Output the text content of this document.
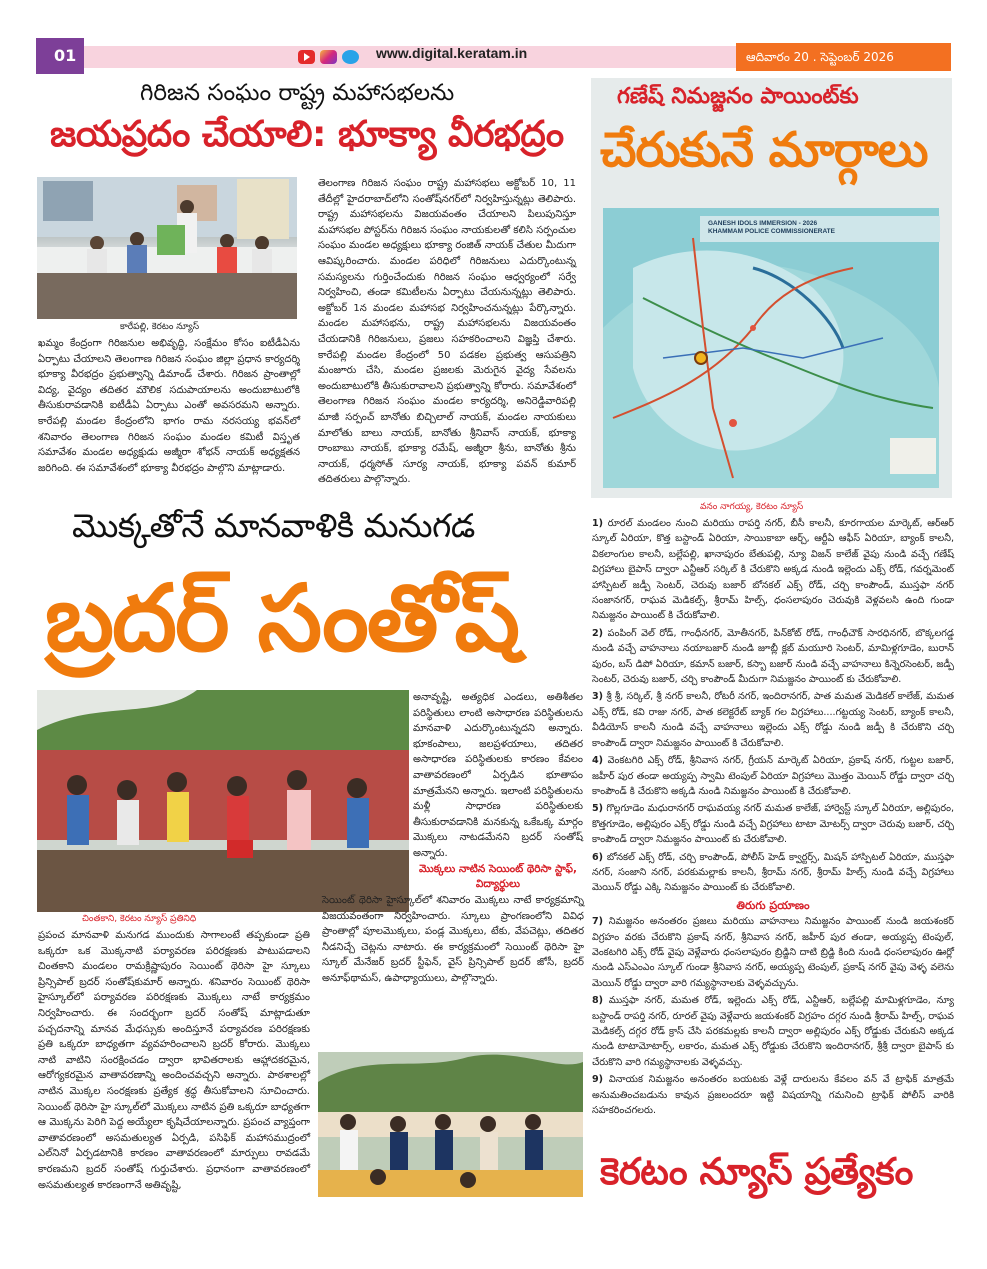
01	www.digital.keratam.in	ఆదివారం 20 . సెప్టెంబర్ 2026
గిరిజన సంఘం రాష్ట్ర మహాసభలను
జయప్రదం చేయాలి: భూక్యా వీరభద్రం
కారేపల్లి, కెరటం న్యూస్
ఖమ్మం కేంద్రంగా గిరిజనుల అభివృద్ధి, సంక్షేమం కోసం ఐటీడీఏను ఏర్పాటు చేయాలని తెలంగాణ గిరిజన సంఘం జిల్లా ప్రధాన కార్యదర్శి భూక్యా వీరభద్రం ప్రభుత్వాన్ని డిమాండ్ చేశారు. గిరిజన ప్రాంతాల్లో విద్య, వైద్యం తదితర మౌలిక సదుపాయాలను అందుబాటులోకి తీసుకురావడానికి ఐటీడీఏ ఏర్పాటు ఎంతో అవసరమని అన్నారు. కారేపల్లి మండల కేంద్రంలోని భాగం రామ నరసయ్య భవన్‌లో శనివారం తెలంగాణ గిరిజన సంఘం మండల కమిటీ విస్తృత సమావేశం మండల అధ్యక్షుడు అజ్మీరా శోభన్ నాయక్ అధ్యక్షతన జరిగింది. ఈ సమావేశంలో భూక్యా వీరభద్రం పాల్గొని మాట్లాడారు.
తెలంగాణ గిరిజన సంఘం రాష్ట్ర మహాసభలు అక్టోబర్ 10, 11 తేదీల్లో హైదరాబాద్‌లోని సంతోష్‌నగర్‌లో నిర్వహిస్తున్నట్లు తెలిపారు. రాష్ట్ర మహాసభలను విజయవంతం చేయాలని పిలుపునిస్తూ మహాసభల పోస్టర్‌ను గిరిజన సంఘం నాయకులతో కలిసి సర్పంచుల సంఘం మండల అధ్యక్షులు భూక్యా రంజిత్ నాయక్ చేతుల మీదుగా ఆవిష్కరించారు. మండల పరిధిలో గిరిజనులు ఎదుర్కొంటున్న సమస్యలను గుర్తించేందుకు గిరిజన సంఘం ఆధ్వర్యంలో సర్వే నిర్వహించి, తండా కమిటీలను ఏర్పాటు చేయనున్నట్లు తెలిపారు. అక్టోబర్ 1న మండల మహాసభ నిర్వహించనున్నట్లు పేర్కొన్నారు. మండల మహాసభను, రాష్ట్ర మహాసభలను విజయవంతం చేయడానికి గిరిజనులు, ప్రజలు సహకరించాలని విజ్ఞప్తి చేశారు. కారేపల్లి మండల కేంద్రంలో 50 పడకల ప్రభుత్వ ఆసుపత్రిని మంజూరు చేసి, మండల ప్రజలకు మెరుగైన వైద్య సేవలను అందుబాటులోకి తీసుకురావాలని ప్రభుత్వాన్ని కోరారు. సమావేశంలో తెలంగాణ గిరిజన సంఘం మండల కార్యదర్శి, అనిరెడ్డివారిపల్లి మాజీ సర్పంచ్ బానోతు బిచ్చిలాల్ నాయక్, మండల నాయకులు మాలోతు బాలు నాయక్, బానోతు శ్రీనివాస్ నాయక్, భూక్యా రాంబాబు నాయక్, భూక్యా రమేష్, అజ్మీరా శ్రీను, బానోతు శ్రీను నాయక్, ధర్మసోత్ సూర్య నాయక్, భూక్యా పవన్ కుమార్ తదితరులు పాల్గొన్నారు.
గణేష్ నిమజ్జనం పాయింట్‌కు
చేరుకునే మార్గాలు
GANESH IDOLS IMMERSION - 2026
KHAMMAM POLICE COMMISSIONERATE
వనం నాగయ్య, కెరటం న్యూస్

1) రూరల్ మండలం నుంచి మరియు రాపర్తి నగర్, బీసీ కాలనీ, కూరగాయల మార్కెట్, ఆర్ఆర్ స్కూల్ ఏరియా, కొత్త బస్టాండ్ ఏరియా, సాయికాబా ఆర్చ్, ఆర్టీఏ ఆఫీస్ ఏరియా, బ్యాంక్ కాలనీ, వికలాంగుల కాలనీ, బల్లేపల్లి, ఖానాపురం బేతుపల్లి, న్యూ విజన్ కాలేజ్ వైపు నుండి వచ్చే గణేష్ విగ్రహాలు బైపాస్ ద్వారా ఎన్టీఆర్ సర్కిల్ కి చేరుకొని అక్కడ నుండి ఇల్లెందు ఎక్స్ రోడ్, గవర్నమెంట్ హాస్పిటల్ జడ్పీ సెంటర్, చెరువు బజార్ బోనకల్ ఎక్స్ రోడ్, చర్చి కాంపౌండ్, ముస్తఫా నగర్ సంజానగర్, రాఘవ మెడికల్స్, శ్రీరామ్ హిల్స్, ధంసలాపురం చెరువుకి వెళ్లవలసి ఉంది గుండా నిమజ్జనం పాయింట్ కి చేరుకోవాలి.

2) పంపింగ్ వెల్ రోడ్, గాంధీనగర్, మోతీనగర్, పిన్‌కోట్ రోడ్, గాంధీచౌక్ సారధినగర్, బొక్కలగడ్డ నుండి వచ్చే వాహనాలు నయాబజార్ నుండి జూబ్లీ క్లబ్ మయూరి సెంటర్, మామిళ్లగూడెం, బురాన్ పురం, బస్ డిపో ఏరియా, కమాన్ బజార్, కస్బా బజార్ నుండి వచ్చే వాహనాలు కిన్నెరసెంటర్, జడ్పీ సెంటర్, చెరువు బజార్, చర్చి కాంపౌండ్ మీదుగా నిమజ్జనం పాయింట్ కు చేరుకోవాలి.

3) శ్రీ శ్రీ, సర్కిల్, శ్రీ నగర్ కాలనీ, రోటరీ నగర్, ఇందిరానగర్, పాత మమత మెడికల్ కాలేజ్, మమత ఎక్స్ రోడ్, కవి రాజు నగర్, పాత కలెక్టరేట్ బ్యాక్ గల విగ్రహాలు....గట్టయ్య సెంటర్, బ్యాంక్ కాలనీ, వీడియోస్ కాలనీ నుండి వచ్చే వాహనాలు ఇల్లెందు ఎక్స్ రోడ్డు నుండి జడ్పీ కి చేరుకొని చర్చి కాంపౌండ్ ద్వారా నిమజ్జనం పాయింట్ కి చేరుకోవాలి.

4) వెంకటగిరి ఎక్స్ రోడ్, శ్రీనివాస నగర్, గ్రీయన్ మార్కెట్ ఏరియా, ప్రకాష్ నగర్, గుట్టల బజార్, జహీర్ పుర తండా అయ్యప్ప స్వామి టెంపుల్ ఏరియా విగ్రహాలు మొత్తం మెయిన్ రోడ్డు ద్వారా చర్చి కాంపౌండ్ కి చేరుకొని అక్కడి నుండి నిమజ్జనం పాయింట్ కి చేరుకోవాలి.

5) గొల్లగూడెం మధురానగర్ రాఘవయ్య నగర్ మమత కాలేజ్, హార్వెస్ట్ స్కూల్ ఏరియా, అల్లిపురం, కొత్తగూడెం, అల్లిపురం ఎక్స్ రోడ్డు నుండి వచ్చే విగ్రహాలు టాటా మోటర్స్ ద్వారా చెరువు బజార్, చర్చి కాంపౌండ్ ద్వారా నిమజ్జనం పాయింట్ కు చేరుకోవాలి.

6) బోనకల్ ఎక్స్ రోడ్, చర్చి కాంపౌండ్, పోలీస్ హెడ్ క్వార్టర్స్, మిషన్ హాస్పిటల్ ఏరియా, ముస్తఫా నగర్, సంజాని నగర్, పరకుమల్లాకు కాలనీ, శ్రీరామ్ నగర్, శ్రీరామ్ హిల్స్ నుండి వచ్చే విగ్రహాలు మెయిన్ రోడ్డు ఎక్కి నిమజ్జనం పాయింట్ కు చేరుకోవాలి.

తిరుగు ప్రయాణం

7) నిమజ్జనం అనంతరం ప్రజలు మరియు వాహనాలు నిమజ్జనం పాయింట్ నుండి జయశంకర్ విగ్రహం వరకు చేరుకొని ప్రకాష్ నగర్, శ్రీనివాస నగర్, జహీర్ పుర తండా, అయ్యప్ప టెంపుల్, వెంకటగిరి ఎక్స్ రోడ్ వైపు వెళ్లేవారు ధంసలాపురం బ్రిడ్జిని దాటి బ్రిడ్జి కింది నుండి ధంసలాపురం ఊర్లో నుండి ఎస్ఎంఎం స్కూల్ గుండా శ్రీనివాస నగర్, అయ్యప్ప టెంపుల్, ప్రకాష్ నగర్ వైపు వెళ్ళ వలెను మెయిన్ రోడ్డు ద్వారా వారి గమ్యస్థానాలకు వెళ్ళవచ్చును.

8) ముస్తఫా నగర్, మమత రోడ్, ఇల్లెందు ఎక్స్ రోడ్, ఎన్టీఆర్, బల్లేపల్లి మామిళ్లగూడెం, న్యూ బస్టాండ్ రాపర్తి నగర్, రూరల్ వైపు వెళ్లేవారు జయశంకర్ విగ్రహం దగ్గర నుండి శ్రీరామ్ హిల్స్, రాఘవ మెడికల్స్ దగ్గర రోడ్ క్రాస్ చేసి పరకమల్లకు కాలనీ ద్వారా అల్లిపురం ఎక్స్ రోడ్డుకు చేరుకుని అక్కడ నుండి టాటామోటార్స్, లకారం, మమత ఎక్స్ రోడ్డుకు చేరుకొని ఇందిరానగర్, శ్రీశ్రీ ద్వారా బైపాస్ కు చేరుకొని వారి గమ్యస్థానాలకు వెళ్ళవచ్చు.

9) వినాయక నిమజ్జనం అనంతరం బయటకు వెళ్లే దారులను కేవలం వన్ వే ట్రాఫిక్ మాత్రమే అనుమతించబడును కావున ప్రజలందరూ ఇట్టి విషయాన్ని గమనించి ట్రాఫిక్ పోలీస్ వారికి సహకరించగలరు.

కెరటం న్యూస్ ప్రత్యేకం
మొక్కతోనే మానవాళికి మనుగడ
బ్రదర్ సంతోష్
చింతకాని, కెరటం న్యూస్ ప్రతినిధి
అనావృష్టి, అత్యధిక ఎండలు, అతిశీతల పరిస్థితులు లాంటి అసాధారణ పరిస్థితులను మానవాళి ఎదుర్కొంటున్నదని అన్నారు. భూకంపాలు, జలప్రళయాలు, తదితర అసాధారణ పరిస్థితులకు కారణం కేవలం వాతావరణంలో ఏర్పడిన భూతాపం మాత్రమేనని అన్నారు. ఇలాంటి పరిస్థితులను మళ్లీ సాధారణ పరిస్థితులకు తీసుకురావడానికి మనకున్న ఒకేఒక్క మార్గం మొక్కలు నాటడమేనని బ్రదర్ సంతోష్ అన్నారు.
మొక్కలు నాటిన సెయింట్ థెరిసా స్టాఫ్, విద్యార్థులు
సెయింట్ థెరిసా హైస్కూల్‌లో శనివారం మొక్కలు నాటే కార్యక్రమాన్ని విజయవంతంగా నిర్వహించారు. స్కూలు ప్రాంగణంలోని వివిధ ప్రాంతాల్లో పూలమొక్కలు, పండ్ల మొక్కలు, టేకు, వేపచెట్లు, తదితర నీడనిచ్చే చెట్లను నాటారు. ఈ కార్యక్రమంలో సెయింట్ థెరిసా హై స్కూల్ మేనేజర్ బ్రదర్ స్టీఫెన్, వైస్ ప్రిన్సిపాల్ బ్రదర్ జోసీ, బ్రదర్ అనూఫ్‌థామస్, ఉపాధ్యాయులు, పాల్గొన్నారు.
ప్రపంచ మానవాళి మనుగడ ముందుకు సాగాలంటే తప్పకుండా ప్రతి ఒక్కరూ ఒక మొక్కనాటి పర్యావరణ పరిరక్షణకు పాటుపడాలని చింతకాని మండలం రామక్రిష్ణాపురం సెయింట్ థెరిసా హై స్కూలు ప్రిన్సిపాల్ బ్రదర్ సంతోష్‌కుమార్ అన్నారు. శనివారం సెయింట్ థెరిసా హైస్కూల్‌లో పర్యావరణ పరిరక్షణకు మొక్కలు నాటే కార్యక్రమం నిర్వహించారు. ఈ సందర్భంగా బ్రదర్ సంతోష్ మాట్లాడుతూ పచ్చదనాన్ని మానవ మేధస్సుకు అందిస్తూనే పర్యావరణ పరిరక్షణకు ప్రతి ఒక్కరూ బాధ్యతగా వ్యవహరించాలని బ్రదర్ కోరారు. మొక్కలు నాటి వాటిని సంరక్షించడం ద్వారా భావితరాలకు ఆహ్లాదకరమైన, ఆరోగ్యకరమైన వాతావరణాన్ని అందించవచ్చని అన్నారు. పాఠశాలల్లో నాటిన మొక్కల సంరక్షణకు ప్రత్యేక శ్రద్ధ తీసుకోవాలని సూచించారు. సెయింట్ థెరిసా హై స్కూల్‌లో మొక్కలు నాటిన ప్రతి ఒక్కరూ బాధ్యతగా ఆ మొక్కను పెరిగి పెద్ద అయ్యేలా కృషిచేయాలన్నారు. ప్రపంచ వ్యాప్తంగా వాతావరణంలో అసమతుల్యత ఏర్పడి, పసిఫిక్ మహాసముద్రంలో ఎల్‌నినో ఏర్పడటానికి కారణం వాతావరణంలో మార్పులు రావడమే కారణమని బ్రదర్ సంతోష్ గుర్తుచేశారు. ప్రధానంగా వాతావరణంలో అసమతుల్యత కారణంగానే అతివృష్టి,
